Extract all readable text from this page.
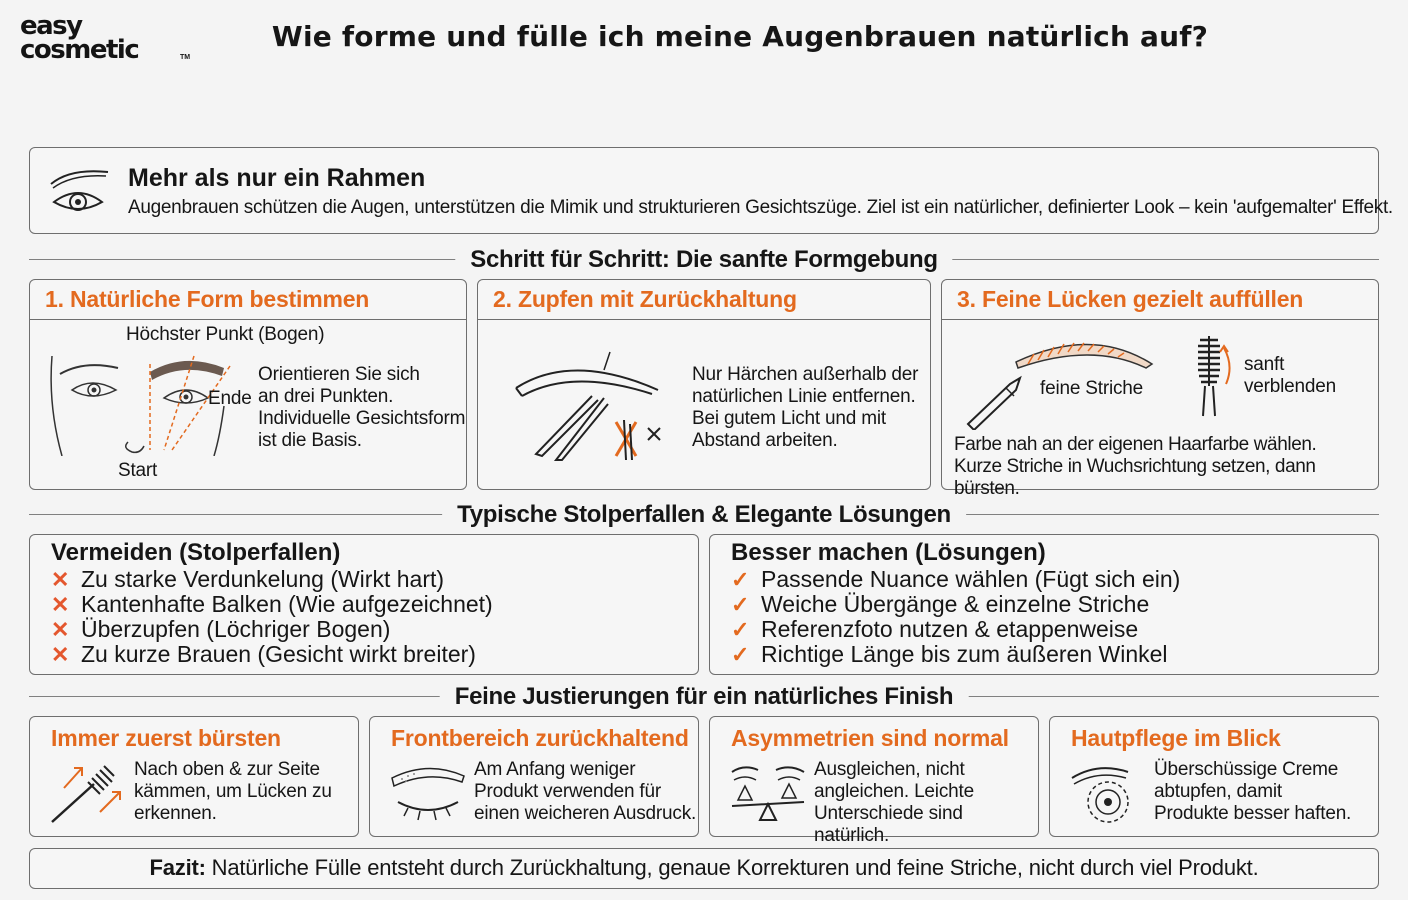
easy
cosmetic	TM
Wie forme und fülle ich meine Augenbrauen natürlich auf?
Mehr als nur ein Rahmen
Augenbrauen schützen die Augen, unterstützen die Mimik und strukturieren Gesichtszüge. Ziel ist ein natürlicher, definierter Look – kein 'aufgemalter' Effekt.
Schritt für Schritt: Die sanfte Formgebung
1. Natürliche Form bestimmen
Höchster Punkt (Bogen)
Ende
Start
Orientieren Sie sich
an drei Punkten.
Individuelle Gesichtsform
ist die Basis.
2. Zupfen mit Zurückhaltung
Nur Härchen außerhalb der
natürlichen Linie entfernen.
Bei gutem Licht und mit
Abstand arbeiten.
3. Feine Lücken gezielt auffüllen
feine Striche
sanft
verblenden
Farbe nah an der eigenen Haarfarbe wählen.
Kurze Striche in Wuchsrichtung setzen, dann bürsten.
Typische Stolperfallen & Elegante Lösungen
Vermeiden (Stolperfallen)
✕ Zu starke Verdunkelung (Wirkt hart)
✕ Kantenhafte Balken (Wie aufgezeichnet)
✕ Überzupfen (Löchriger Bogen)
✕ Zu kurze Brauen (Gesicht wirkt breiter)
Besser machen (Lösungen)
✓ Passende Nuance wählen (Fügt sich ein)
✓ Weiche Übergänge & einzelne Striche
✓ Referenzfoto nutzen & etappenweise
✓ Richtige Länge bis zum äußeren Winkel
Feine Justierungen für ein natürliches Finish
Immer zuerst bürsten
Nach oben & zur Seite
kämmen, um Lücken zu
erkennen.
Frontbereich zurückhaltend
Am Anfang weniger
Produkt verwenden für
einen weicheren Ausdruck.
Asymmetrien sind normal
Ausgleichen, nicht
angleichen. Leichte
Unterschiede sind natürlich.
Hautpflege im Blick
Überschüssige Creme
abtupfen, damit
Produkte besser haften.
Fazit: Natürliche Fülle entsteht durch Zurückhaltung, genaue Korrekturen und feine Striche, nicht durch viel Produkt.
